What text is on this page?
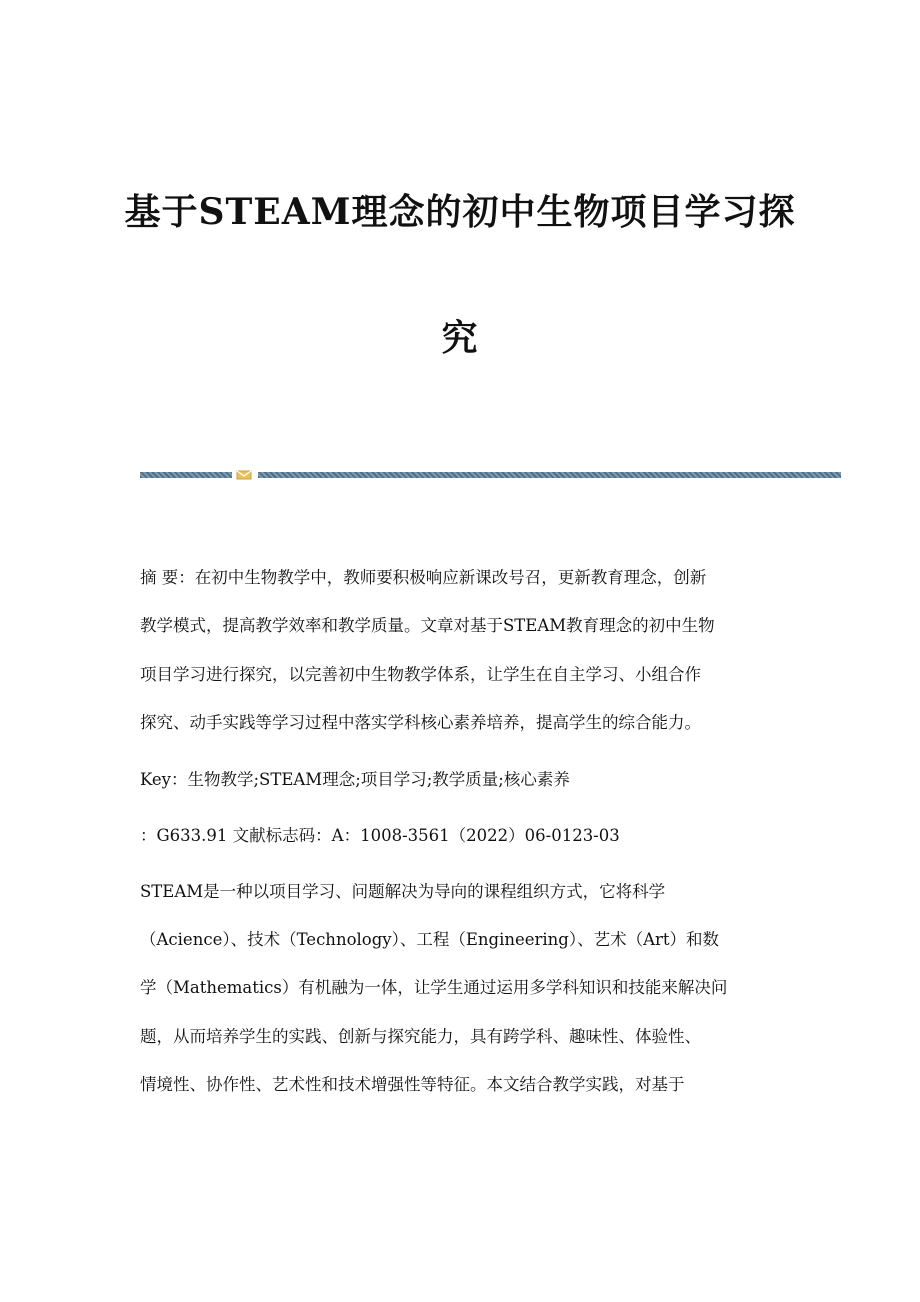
基于STEAM理念的初中生物项目学习探
究
摘 要：在初中生物教学中，教师要积极响应新课改号召，更新教育理念，创新
教学模式，提高教学效率和教学质量。文章对基于STEAM教育理念的初中生物
项目学习进行探究，以完善初中生物教学体系，让学生在自主学习、小组合作
探究、动手实践等学习过程中落实学科核心素养培养，提高学生的综合能力。
Key：生物教学;STEAM理念;项目学习;教学质量;核心素养
：G633.91 文献标志码：A：1008-3561（2022）06-0123-03
STEAM是一种以项目学习、问题解决为导向的课程组织方式，它将科学
（Acience）、技术（Technology）、工程（Engineering）、艺术（Art）和数
学（Mathematics）有机融为一体，让学生通过运用多学科知识和技能来解决问
题，从而培养学生的实践、创新与探究能力，具有跨学科、趣味性、体验性、
情境性、协作性、艺术性和技术增强性等特征。本文结合教学实践，对基于
